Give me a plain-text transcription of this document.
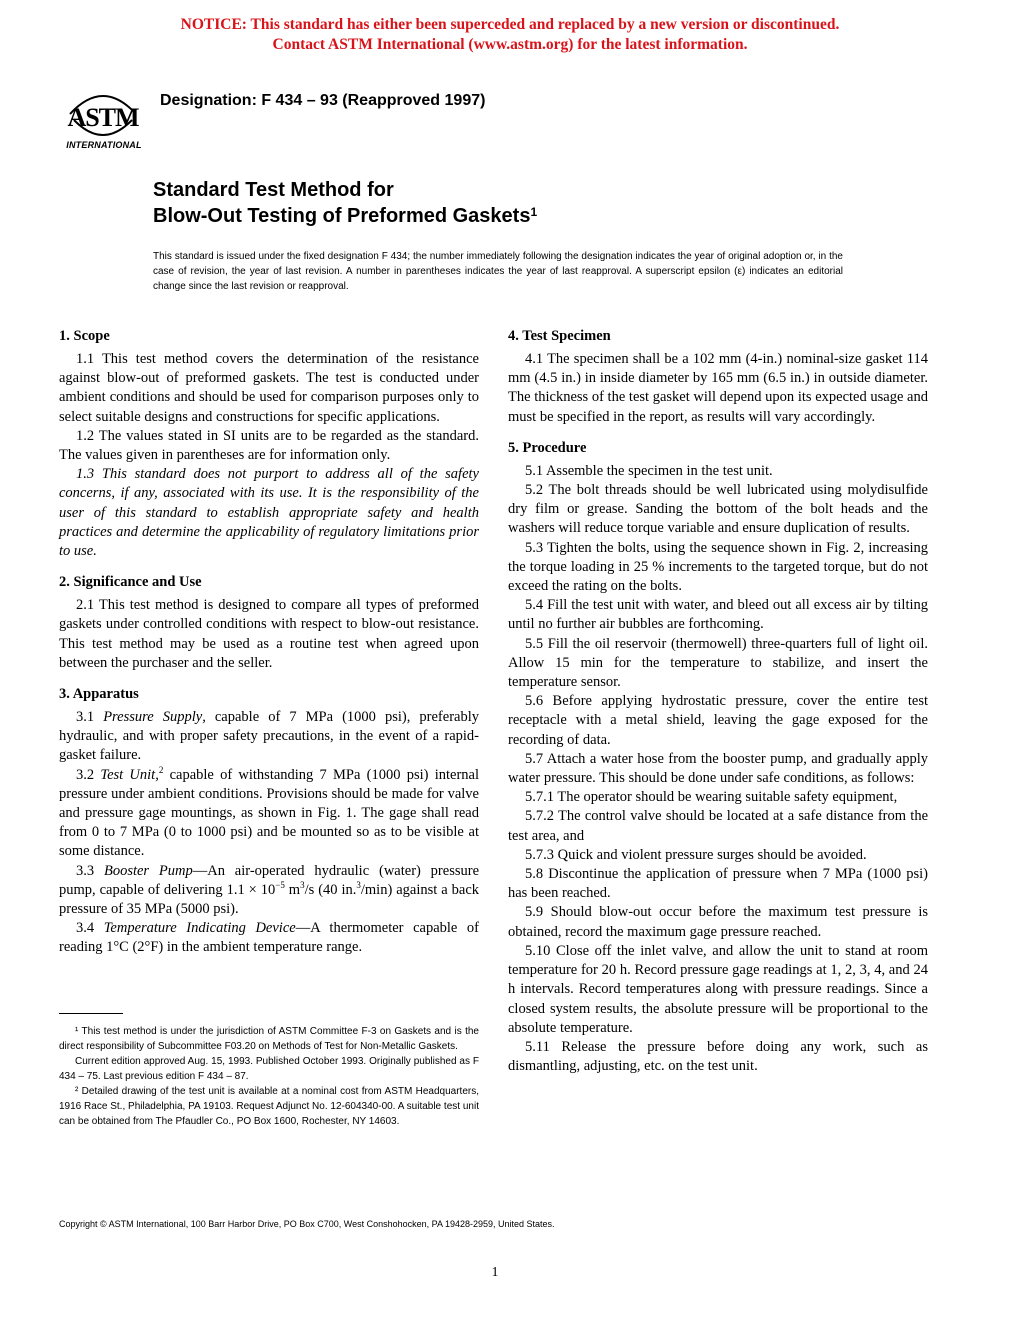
NOTICE: This standard has either been superceded and replaced by a new version or discontinued.
Contact ASTM International (www.astm.org) for the latest information.
ASTM
INTERNATIONAL
Designation: F 434 – 93 (Reapproved 1997)
Standard Test Method for
Blow-Out Testing of Preformed Gaskets$^1$
This standard is issued under the fixed designation F 434; the number immediately following the designation indicates the year of original adoption or, in the case of revision, the year of last revision. A number in parentheses indicates the year of last reapproval. A superscript epsilon (ε) indicates an editorial change since the last revision or reapproval.
1. Scope

1.1 This test method covers the determination of the resistance against blow-out of preformed gaskets. The test is conducted under ambient conditions and should be used for comparison purposes only to select suitable designs and constructions for specific applications.

1.2 The values stated in SI units are to be regarded as the standard. The values given in parentheses are for information only.

1.3 This standard does not purport to address all of the safety concerns, if any, associated with its use. It is the responsibility of the user of this standard to establish appropriate safety and health practices and determine the applicability of regulatory limitations prior to use.

2. Significance and Use

2.1 This test method is designed to compare all types of preformed gaskets under controlled conditions with respect to blow-out resistance. This test method may be used as a routine test when agreed upon between the purchaser and the seller.

3. Apparatus

3.1 Pressure Supply, capable of 7 MPa (1000 psi), preferably hydraulic, and with proper safety precautions, in the event of a rapid-gasket failure.

3.2 Test Unit,$^2$ capable of withstanding 7 MPa (1000 psi) internal pressure under ambient conditions. Provisions should be made for valve and pressure gage mountings, as shown in Fig. 1. The gage shall read from 0 to 7 MPa (0 to 1000 psi) and be mounted so as to be visible at some distance.

3.3 Booster Pump—An air-operated hydraulic (water) pressure pump, capable of delivering $1.1 \times 10^{-5}$ $m^3/s$ (40 in.$^3$/min) against a back pressure of 35 MPa (5000 psi).

3.4 Temperature Indicating Device—A thermometer capable of reading 1°C (2°F) in the ambient temperature range.

¹ This test method is under the jurisdiction of ASTM Committee F-3 on Gaskets and is the direct responsibility of Subcommittee F03.20 on Methods of Test for Non-Metallic Gaskets.

Current edition approved Aug. 15, 1993. Published October 1993. Originally published as F 434 – 75. Last previous edition F 434 – 87.

² Detailed drawing of the test unit is available at a nominal cost from ASTM Headquarters, 1916 Race St., Philadelphia, PA 19103. Request Adjunct No. 12-604340-00. A suitable test unit can be obtained from The Pfaudler Co., PO Box 1600, Rochester, NY 14603.

4. Test Specimen

4.1 The specimen shall be a 102 mm (4-in.) nominal-size gasket 114 mm (4.5 in.) in inside diameter by 165 mm (6.5 in.) in outside diameter. The thickness of the test gasket will depend upon its expected usage and must be specified in the report, as results will vary accordingly.

5. Procedure

5.1 Assemble the specimen in the test unit.

5.2 The bolt threads should be well lubricated using molydisulfide dry film or grease. Sanding the bottom of the bolt heads and the washers will reduce torque variable and ensure duplication of results.

5.3 Tighten the bolts, using the sequence shown in Fig. 2, increasing the torque loading in 25 % increments to the targeted torque, but do not exceed the rating on the bolts.

5.4 Fill the test unit with water, and bleed out all excess air by tilting until no further air bubbles are forthcoming.

5.5 Fill the oil reservoir (thermowell) three-quarters full of light oil. Allow 15 min for the temperature to stabilize, and insert the temperature sensor.

5.6 Before applying hydrostatic pressure, cover the entire test receptacle with a metal shield, leaving the gage exposed for the recording of data.

5.7 Attach a water hose from the booster pump, and gradually apply water pressure. This should be done under safe conditions, as follows:

5.7.1 The operator should be wearing suitable safety equipment,

5.7.2 The control valve should be located at a safe distance from the test area, and

5.7.3 Quick and violent pressure surges should be avoided.

5.8 Discontinue the application of pressure when 7 MPa (1000 psi) has been reached.

5.9 Should blow-out occur before the maximum test pressure is obtained, record the maximum gage pressure reached.

5.10 Close off the inlet valve, and allow the unit to stand at room temperature for 20 h. Record pressure gage readings at 1, 2, 3, 4, and 24 h intervals. Record temperatures along with pressure readings. Since a closed system results, the absolute pressure will be proportional to the absolute temperature.

5.11 Release the pressure before doing any work, such as dismantling, adjusting, etc. on the test unit.

Copyright © ASTM International, 100 Barr Harbor Drive, PO Box C700, West Conshohocken, PA 19428-2959, United States.
1
